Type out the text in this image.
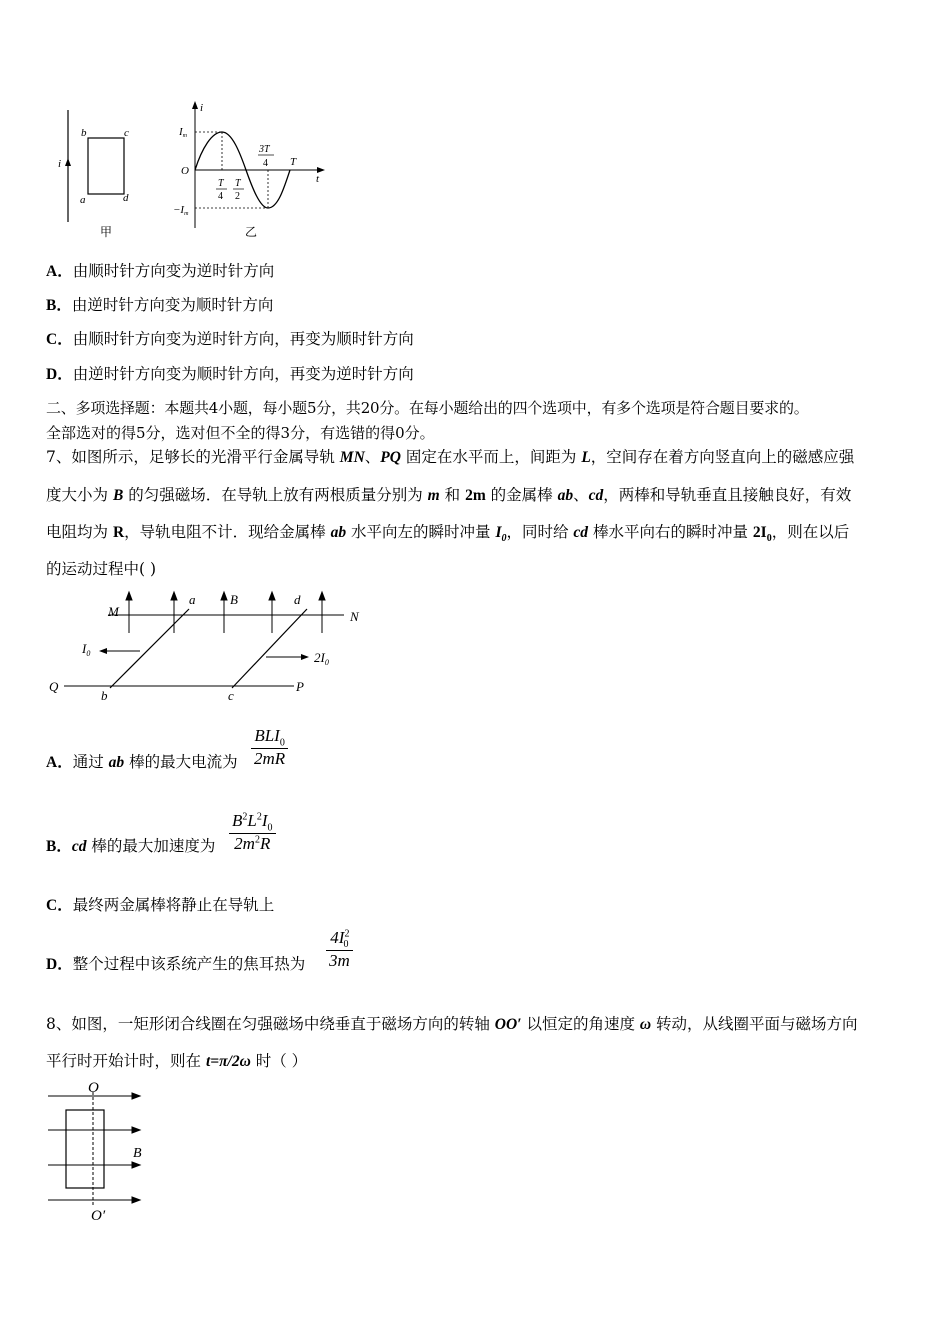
i
b	c
a	d
甲
i
t
O
Im
−Im
T
4
T
2
3T
4 T
乙
A．由顺时针方向变为逆时针方向
B．由逆时针方向变为顺时针方向
C．由顺时针方向变为逆时针方向，再变为顺时针方向
D．由逆时针方向变为顺时针方向，再变为逆时针方向
二、多项选择题：本题共4小题，每小题5分，共20分。在每小题给出的四个选项中，有多个选项是符合题目要求的。
全部选对的得5分，选对但不全的得3分，有选错的得0分。
7、如图所示，足够长的光滑平行金属导轨 MN、PQ 固定在水平而上，间距为 L，空间存在着方向竖直向上的磁感应强
度大小为 B 的匀强磁场．在导轨上放有两根质量分别为 m 和 2m 的金属棒 ab、cd，两棒和导轨垂直且接触良好，有效
电阻均为 R，导轨电阻不计．现给金属棒 ab 水平向左的瞬时冲量 $I_0$，同时给 cd 棒水平向右的瞬时冲量 $2I_0$，则在以后
的运动过程中( )
M	N
Q	P
B
a	d
b	c
$I_0$	$2I_0$
A．通过 ab 棒的最大电流为
$BLI_0$
2mR
B．cd 棒的最大加速度为 $\frac{B^2L^2I_0}{2m^2R}$
C．最终两金属棒将静止在导轨上
D．整个过程中该系统产生的焦耳热为 $\frac{4I^2_0}{3m}$
8、如图，一矩形闭合线圈在匀强磁场中绕垂直于磁场方向的转轴 OO′ 以恒定的角速度 ω 转动，从线圈平面与磁场方向
平行时开始计时，则在 t=π/2ω 时（ ）
O
O′
B
